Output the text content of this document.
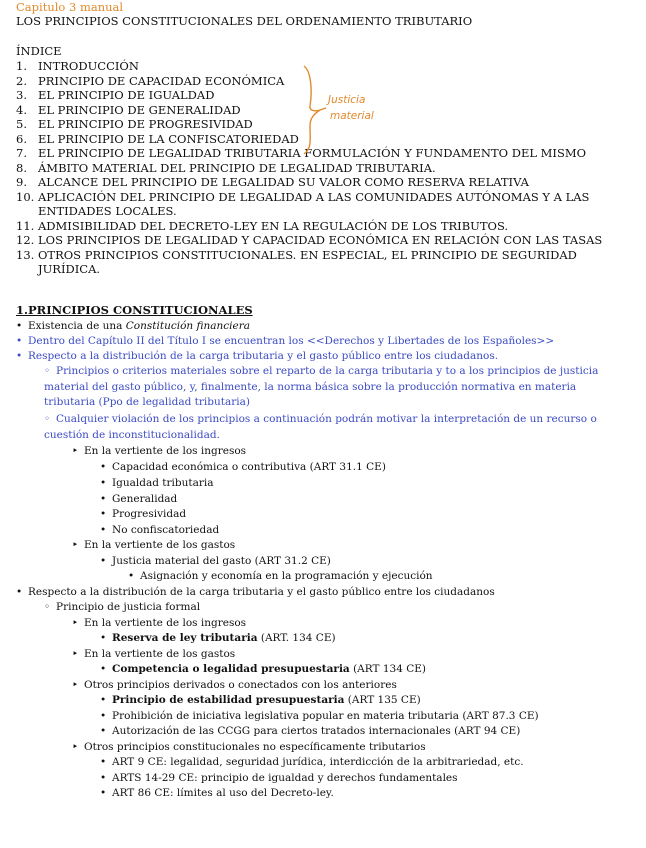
Capitulo 3 manual
LOS PRINCIPIOS CONSTITUCIONALES DEL ORDENAMIENTO TRIBUTARIO
ÍNDICE
1. INTRODUCCIÓN
2. PRINCIPIO DE CAPACIDAD ECONÓMICA
3. EL PRINCIPIO DE IGUALDAD
4. EL PRINCIPIO DE GENERALIDAD
5. EL PRINCIPIO DE PROGRESIVIDAD
6. EL PRINCIPIO DE LA CONFISCATORIEDAD
7. EL PRINCIPIO DE LEGALIDAD TRIBUTARIA FORMULACIÓN Y FUNDAMENTO DEL MISMO
8. ÁMBITO MATERIAL DEL PRINCIPIO DE LEGALIDAD TRIBUTARIA.
9. ALCANCE DEL PRINCIPIO DE LEGALIDAD SU VALOR COMO RESERVA RELATIVA
10. APLICACIÓN DEL PRINCIPIO DE LEGALIDAD A LAS COMUNIDADES AUTÓNOMAS Y A LAS ENTIDADES LOCALES.
11. ADMISIBILIDAD DEL DECRETO-LEY EN LA REGULACIÓN DE LOS TRIBUTOS.
12. LOS PRINCIPIOS DE LEGALIDAD Y CAPACIDAD ECONÓMICA EN RELACIÓN CON LAS TASAS
13. OTROS PRINCIPIOS CONSTITUCIONALES. EN ESPECIAL, EL PRINCIPIO DE SEGURIDAD JURÍDICA.
Justicia
material
1.PRINCIPIOS CONSTITUCIONALES
• Existencia de una Constitución financiera
• Dentro del Capítulo II del Título I se encuentran los <<Derechos y Libertades de los Españoles>>
• Respecto a la distribución de la carga tributaria y el gasto público entre los ciudadanos.
◦ Principios o criterios materiales sobre el reparto de la carga tributaria y to a los principios de justicia material del gasto público, y, finalmente, la norma básica sobre la producción normativa en materia tributaria (Ppo de legalidad tributaria)
◦ Cualquier violación de los principios a continuación podrán motivar la interpretación de un recurso o cuestión de inconstitucionalidad.
‣ En la vertiente de los ingresos
• Capacidad económica o contributiva (ART 31.1 CE)
• Igualdad tributaria
• Generalidad
• Progresividad
• No confiscatoriedad
‣ En la vertiente de los gastos
• Justicia material del gasto (ART 31.2 CE)
• Asignación y economía en la programación y ejecución
• Respecto a la distribución de la carga tributaria y el gasto público entre los ciudadanos
◦ Principio de justicia formal
‣ En la vertiente de los ingresos
• Reserva de ley tributaria (ART. 134 CE)
‣ En la vertiente de los gastos
• Competencia o legalidad presupuestaria (ART 134 CE)
‣ Otros principios derivados o conectados con los anteriores
• Principio de estabilidad presupuestaria (ART 135 CE)
• Prohibición de iniciativa legislativa popular en materia tributaria (ART 87.3 CE)
• Autorización de las CCGG para ciertos tratados internacionales (ART 94 CE)
‣ Otros principios constitucionales no específicamente tributarios
• ART 9 CE: legalidad, seguridad jurídica, interdicción de la arbitrariedad, etc.
• ARTS 14-29 CE: principio de igualdad y derechos fundamentales
• ART 86 CE: límites al uso del Decreto-ley.
